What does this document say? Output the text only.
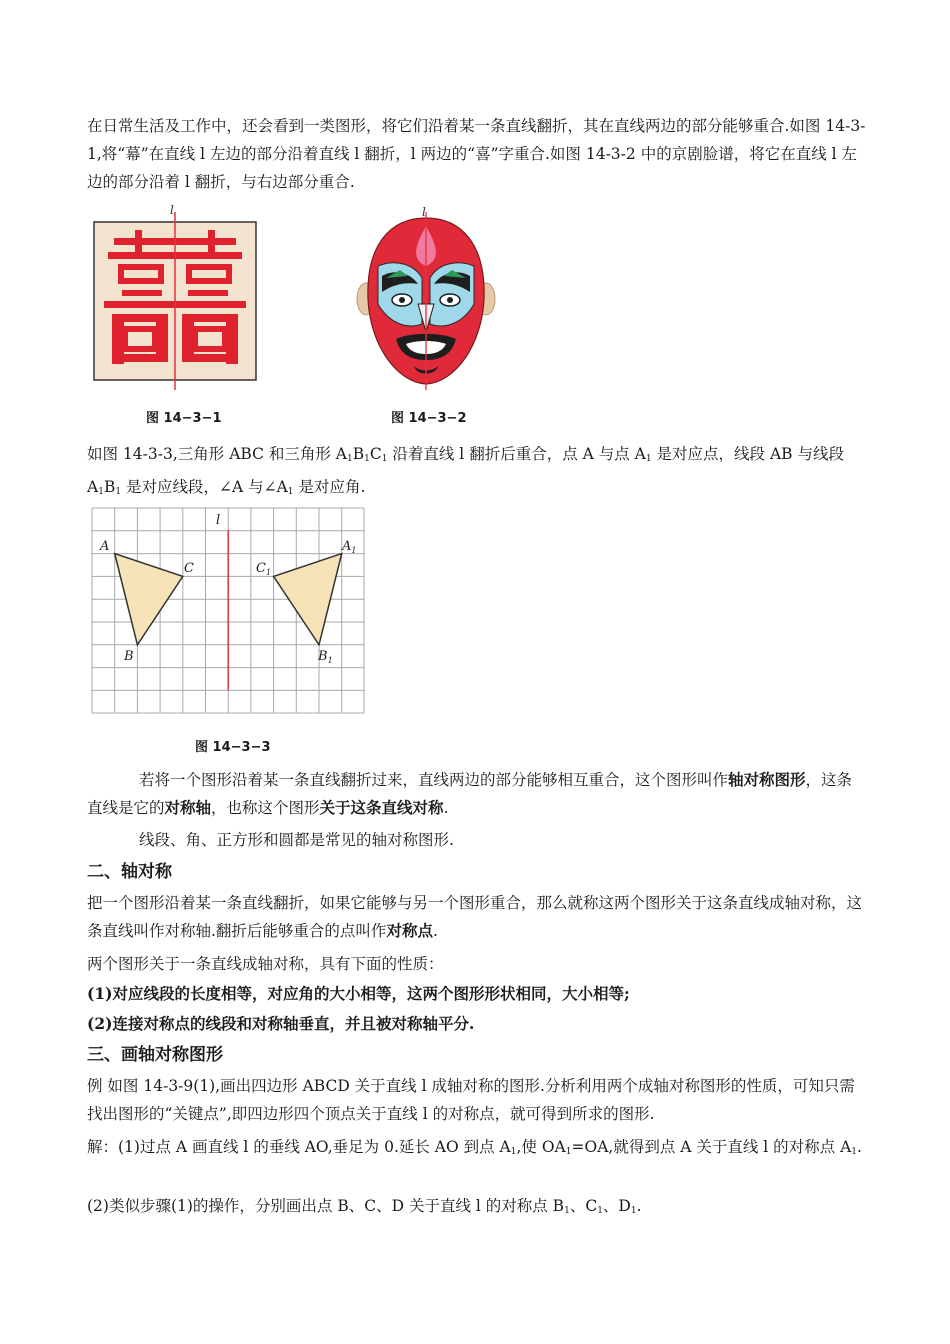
在日常生活及工作中，还会看到一类图形，将它们沿着某一条直线翻折，其在直线两边的部分能够重合.如图 14-3-1,将“幕”在直线 l 左边的部分沿着直线 l 翻折，l 两边的“喜”字重合.如图 14-3-2 中的京剧脸谱，将它在直线 l 左边的部分沿着 l 翻折，与右边部分重合.

l
图 14−3−1
l
图 14−3−2

如图 14-3-3,三角形 ABC 和三角形 $A_1B_1C_1$ 沿着直线 l 翻折后重合，点 A 与点 $A_1$ 是对应点，线段 AB 与线段 $A_1B_1$ 是对应线段，∠A 与$\angle A_1$ 是对应角.

l
A
C
B
$A_1$
$C_1$
$B_1$
图 14−3−3

若将一个图形沿着某一条直线翻折过来，直线两边的部分能够相互重合，这个图形叫作轴对称图形，这条直线是它的对称轴，也称这个图形关于这条直线对称.

线段、角、正方形和圆都是常见的轴对称图形.

二、轴对称

把一个图形沿着某一条直线翻折，如果它能够与另一个图形重合，那么就称这两个图形关于这条直线成轴对称，这条直线叫作对称轴.翻折后能够重合的点叫作对称点.

两个图形关于一条直线成轴对称，具有下面的性质：

(1)对应线段的长度相等，对应角的大小相等，这两个图形形状相同，大小相等;

(2)连接对称点的线段和对称轴垂直，并且被对称轴平分.

三、画轴对称图形

例 如图 14-3-9(1),画出四边形 ABCD 关于直线 l 成轴对称的图形.分析利用两个成轴对称图形的性质，可知只需找出图形的“关键点”,即四边形四个顶点关于直线 l 的对称点，就可得到所求的图形.

解：(1)过点 A 画直线 l 的垂线 AO,垂足为 0.延长 AO 到点 $A_1$,使 $OA_1=OA$,就得到点 A 关于直线 l 的对称点 $A_1$.

(2)类似步骤(1)的操作，分别画出点 B、C、D 关于直线 l 的对称点 $B_1$、$C_1$、$D_1$.
